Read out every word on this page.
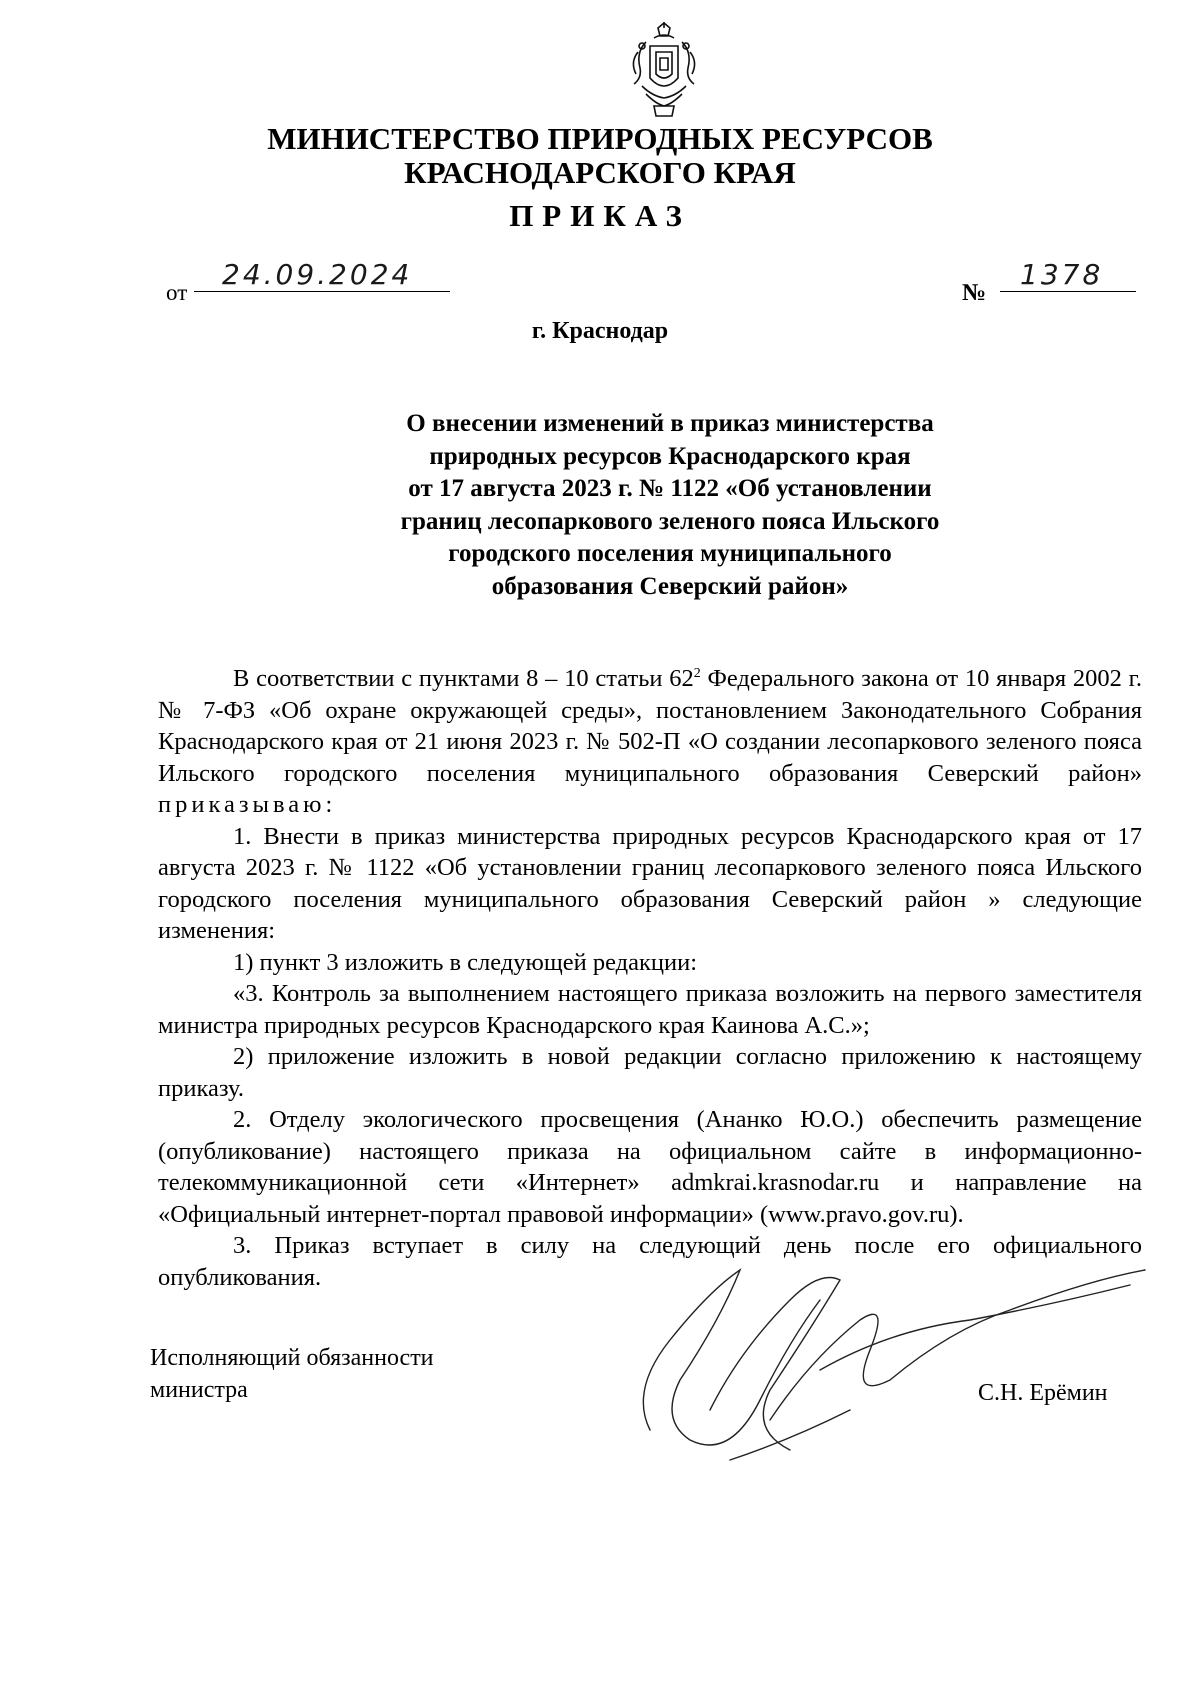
МИНИСТЕРСТВО ПРИРОДНЫХ РЕСУРСОВ
КРАСНОДАРСКОГО КРАЯ
ПРИКАЗ
от
24.09.2024
№
1378
г. Краснодар
О внесении изменений в приказ министерства
природных ресурсов Краснодарского края
от 17 августа 2023 г. № 1122 «Об установлении
границ лесопаркового зеленого пояса Ильского
городского поселения муниципального
образования Северский район»

В соответствии с пунктами 8 – 10 статьи $62^2$ Федерального закона от 10 января 2002 г. № 7-ФЗ «Об охране окружающей среды», постановлением Законодательного Собрания Краснодарского края от 21 июня 2023 г. № 502-П «О создании лесопаркового зеленого пояса Ильского городского поселения муниципального образования Северский район» приказываю:

1. Внести в приказ министерства природных ресурсов Краснодарского края от 17 августа 2023 г. № 1122 «Об установлении границ лесопаркового зеленого пояса Ильского городского поселения муниципального образования Северский район » следующие изменения:

1) пункт 3 изложить в следующей редакции:

«3. Контроль за выполнением настоящего приказа возложить на первого заместителя министра природных ресурсов Краснодарского края Каинова А.С.»;

2) приложение изложить в новой редакции согласно приложению к настоящему приказу.

2. Отделу экологического просвещения (Ананко Ю.О.) обеспечить размещение (опубликование) настоящего приказа на официальном сайте в информационно-телекоммуникационной сети «Интернет» admkrai.krasnodar.ru и направление на «Официальный интернет-портал правовой информации» (www.pravo.gov.ru).

3. Приказ вступает в силу на следующий день после его официального опубликования.

Исполняющий обязанности
министра	С.Н. Ерёмин
